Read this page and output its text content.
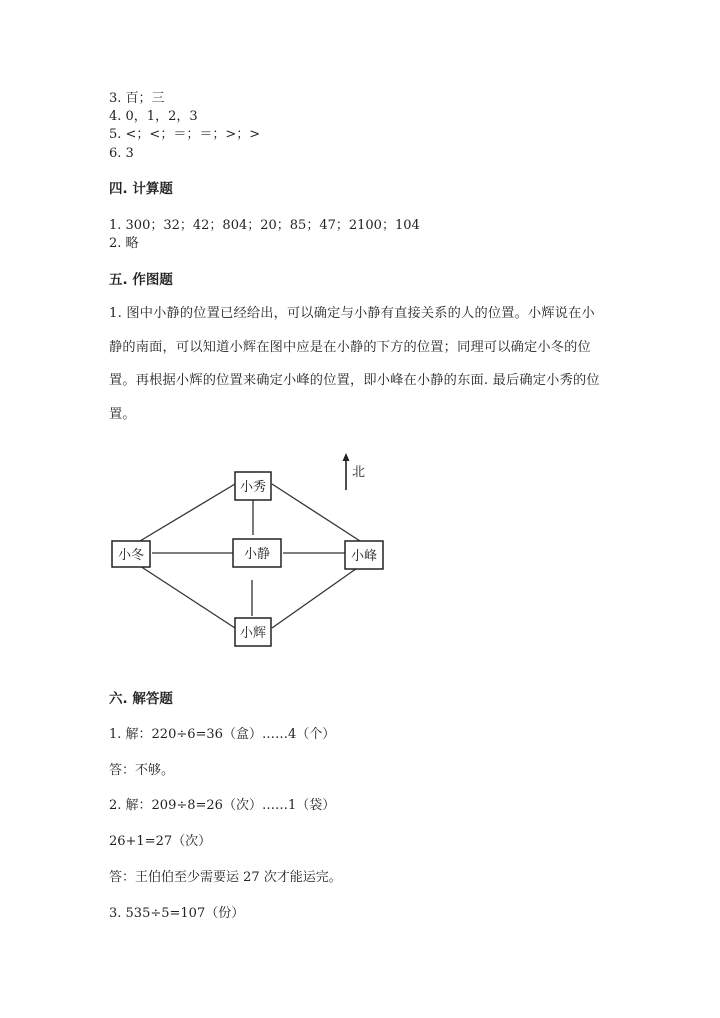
3. 百；三
4. 0，1，2，3
5. <；<；＝；＝；>；>
6. 3
四. 计算题
1. 300；32；42；804；20；85；47；2100；104
2. 略
五. 作图题
1. 图中小静的位置已经给出，可以确定与小静有直接关系的人的位置。小辉说在小静的南面，可以知道小辉在图中应是在小静的下方的位置；同理可以确定小冬的位置。再根据小辉的位置来确定小峰的位置，即小峰在小静的东面. 最后确定小秀的位置。
北
小秀
小冬	小静	小峰
小辉
六. 解答题
1. 解：220÷6=36（盒）……4（个）
答：不够。
2. 解：209÷8=26（次）……1（袋）
26+1=27（次）
答：王伯伯至少需要运 27 次才能运完。
3. 535÷5=107（份）
